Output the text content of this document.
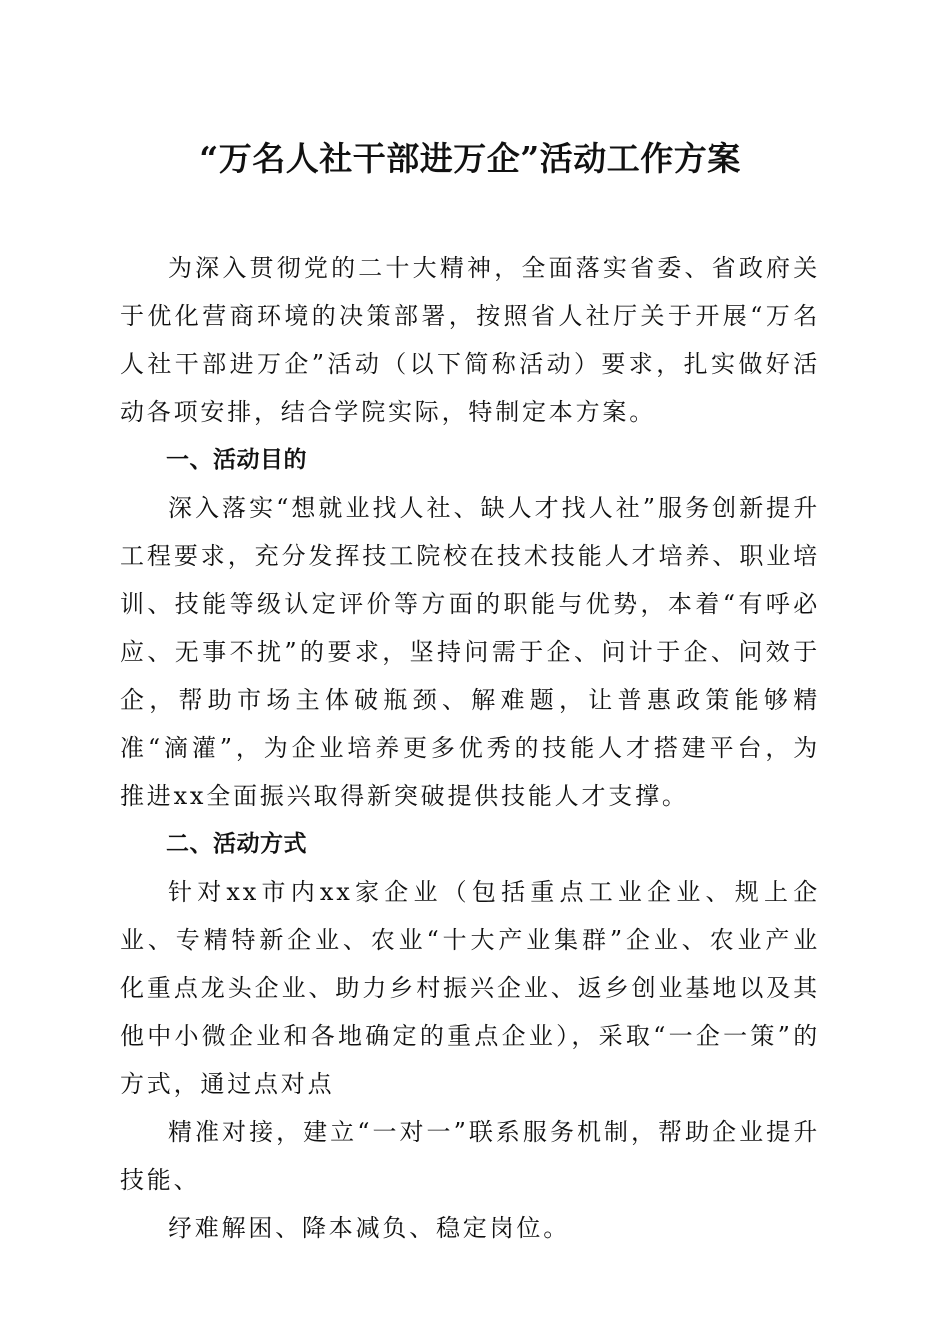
“万名人社干部进万企”活动工作方案

为深入贯彻党的二十大精神，全面落实省委、省政府关于优化营商环境的决策部署，按照省人社厅关于开展“万名人社干部进万企”活动（以下简称活动）要求，扎实做好活动各项安排，结合学院实际，特制定本方案。

一、活动目的

深入落实“想就业找人社、缺人才找人社”服务创新提升工程要求，充分发挥技工院校在技术技能人才培养、职业培训、技能等级认定评价等方面的职能与优势，本着“有呼必应、无事不扰”的要求，坚持问需于企、问计于企、问效于企，帮助市场主体破瓶颈、解难题，让普惠政策能够精准“滴灌”，为企业培养更多优秀的技能人才搭建平台，为推进xx全面振兴取得新突破提供技能人才支撑。

二、活动方式

针对xx市内xx家企业（包括重点工业企业、规上企业、专精特新企业、农业“十大产业集群”企业、农业产业化重点龙头企业、助力乡村振兴企业、返乡创业基地以及其他中小微企业和各地确定的重点企业），采取“一企一策”的方式，通过点对点

精准对接，建立“一对一”联系服务机制，帮助企业提升技能、

纾难解困、降本减负、稳定岗位。
